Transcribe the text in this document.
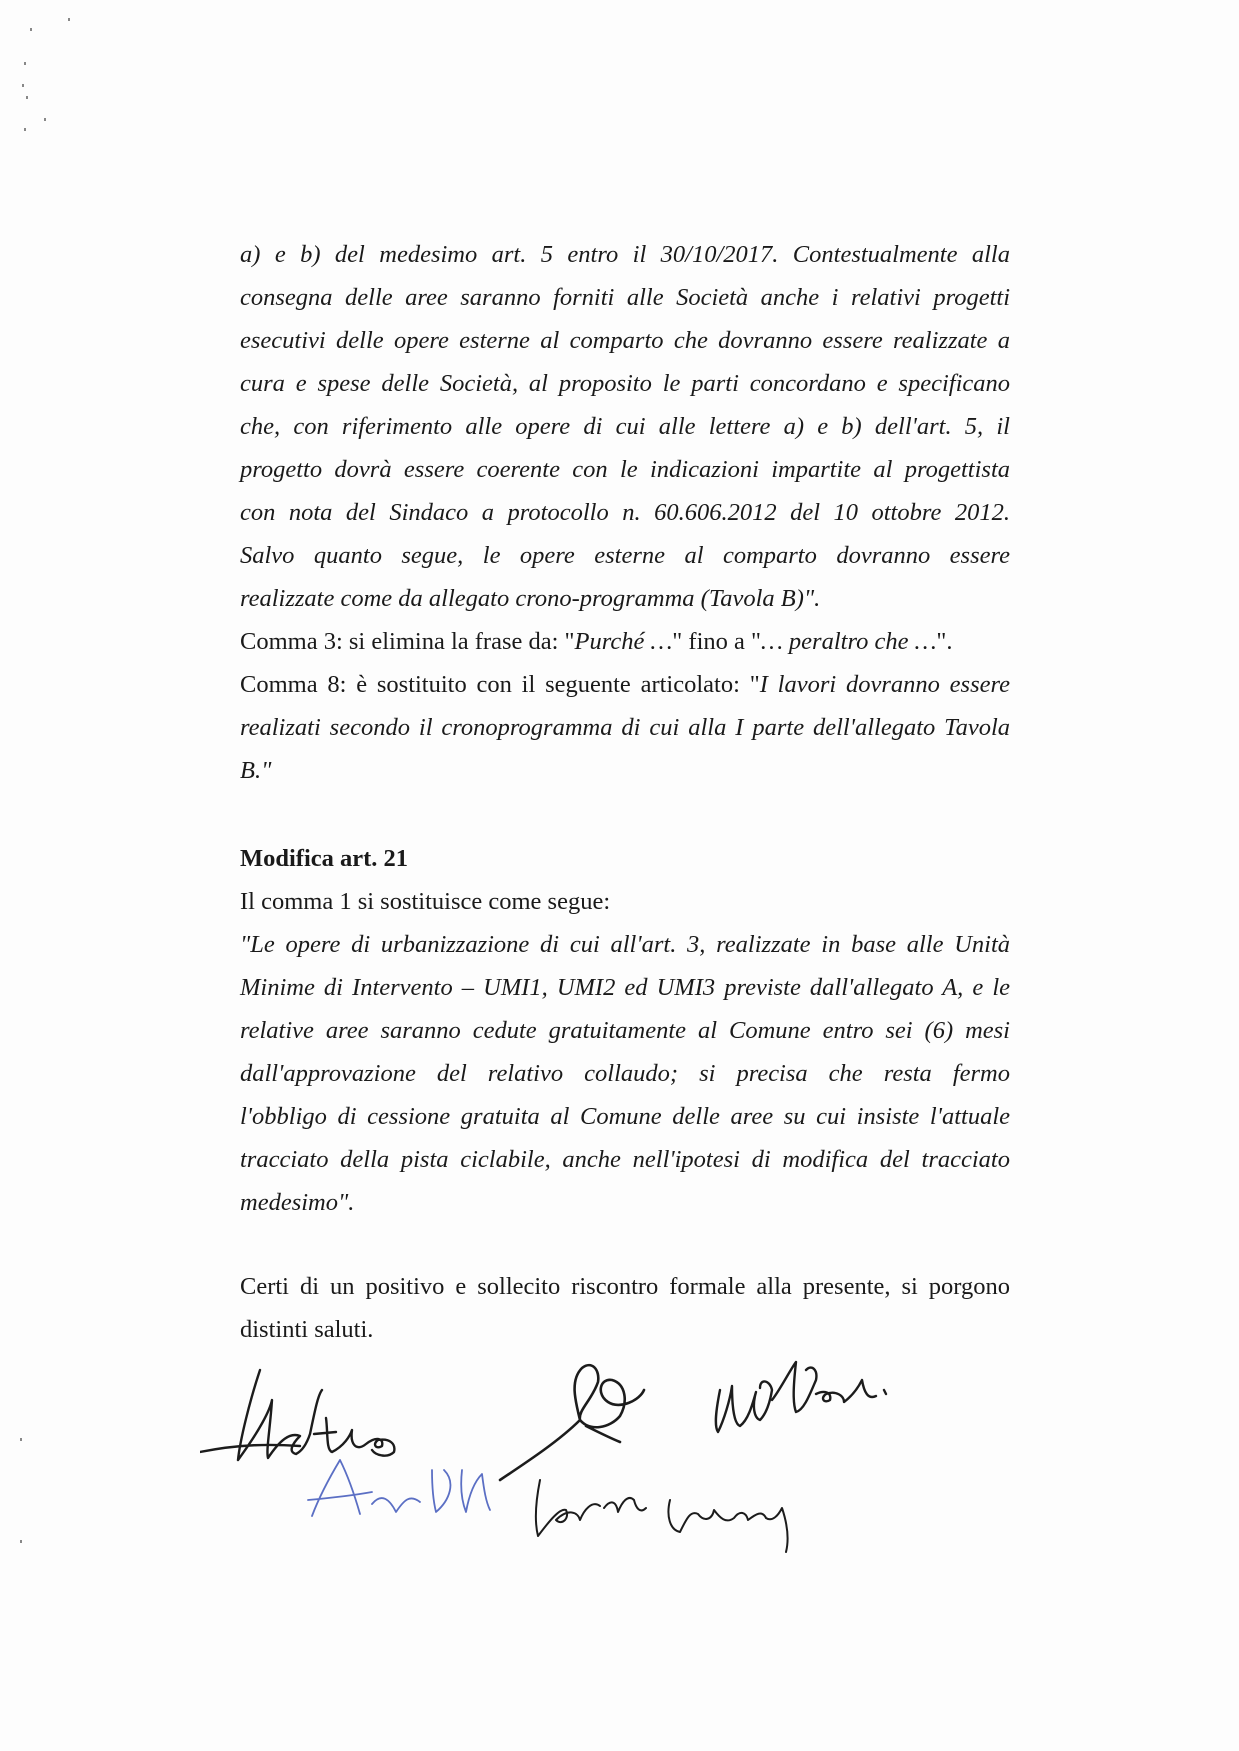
a) e b) del medesimo art. 5 entro il 30/10/2017. Contestualmente alla
consegna delle aree saranno forniti alle Società anche i relativi progetti
esecutivi delle opere esterne al comparto che dovranno essere realizzate a
cura e spese delle Società, al proposito le parti concordano e specificano
che, con riferimento alle opere di cui alle lettere a) e b) dell'art. 5, il
progetto dovrà essere coerente con le indicazioni impartite al progettista
con nota del Sindaco a protocollo n. 60.606.2012 del 10 ottobre 2012.
Salvo quanto segue, le opere esterne al comparto dovranno essere
realizzate come da allegato crono-programma (Tavola B)".
Comma 3: si elimina la frase da: "Purché …" fino a "… peraltro che …".
Comma 8: è sostituito con il seguente articolato: "I lavori dovranno essere
realizati secondo il cronoprogramma di cui alla I parte dell'allegato Tavola
B."
Modifica art. 21
Il comma 1 si sostituisce come segue:
"Le opere di urbanizzazione di cui all'art. 3, realizzate in base alle Unità
Minime di Intervento – UMI1, UMI2 ed UMI3 previste dall'allegato A, e le
relative aree saranno cedute gratuitamente al Comune entro sei (6) mesi
dall'approvazione del relativo collaudo; si precisa che resta fermo
l'obbligo di cessione gratuita al Comune delle aree su cui insiste l'attuale
tracciato della pista ciclabile, anche nell'ipotesi di modifica del tracciato
medesimo".
Certi di un positivo e sollecito riscontro formale alla presente, si porgono
distinti saluti.
